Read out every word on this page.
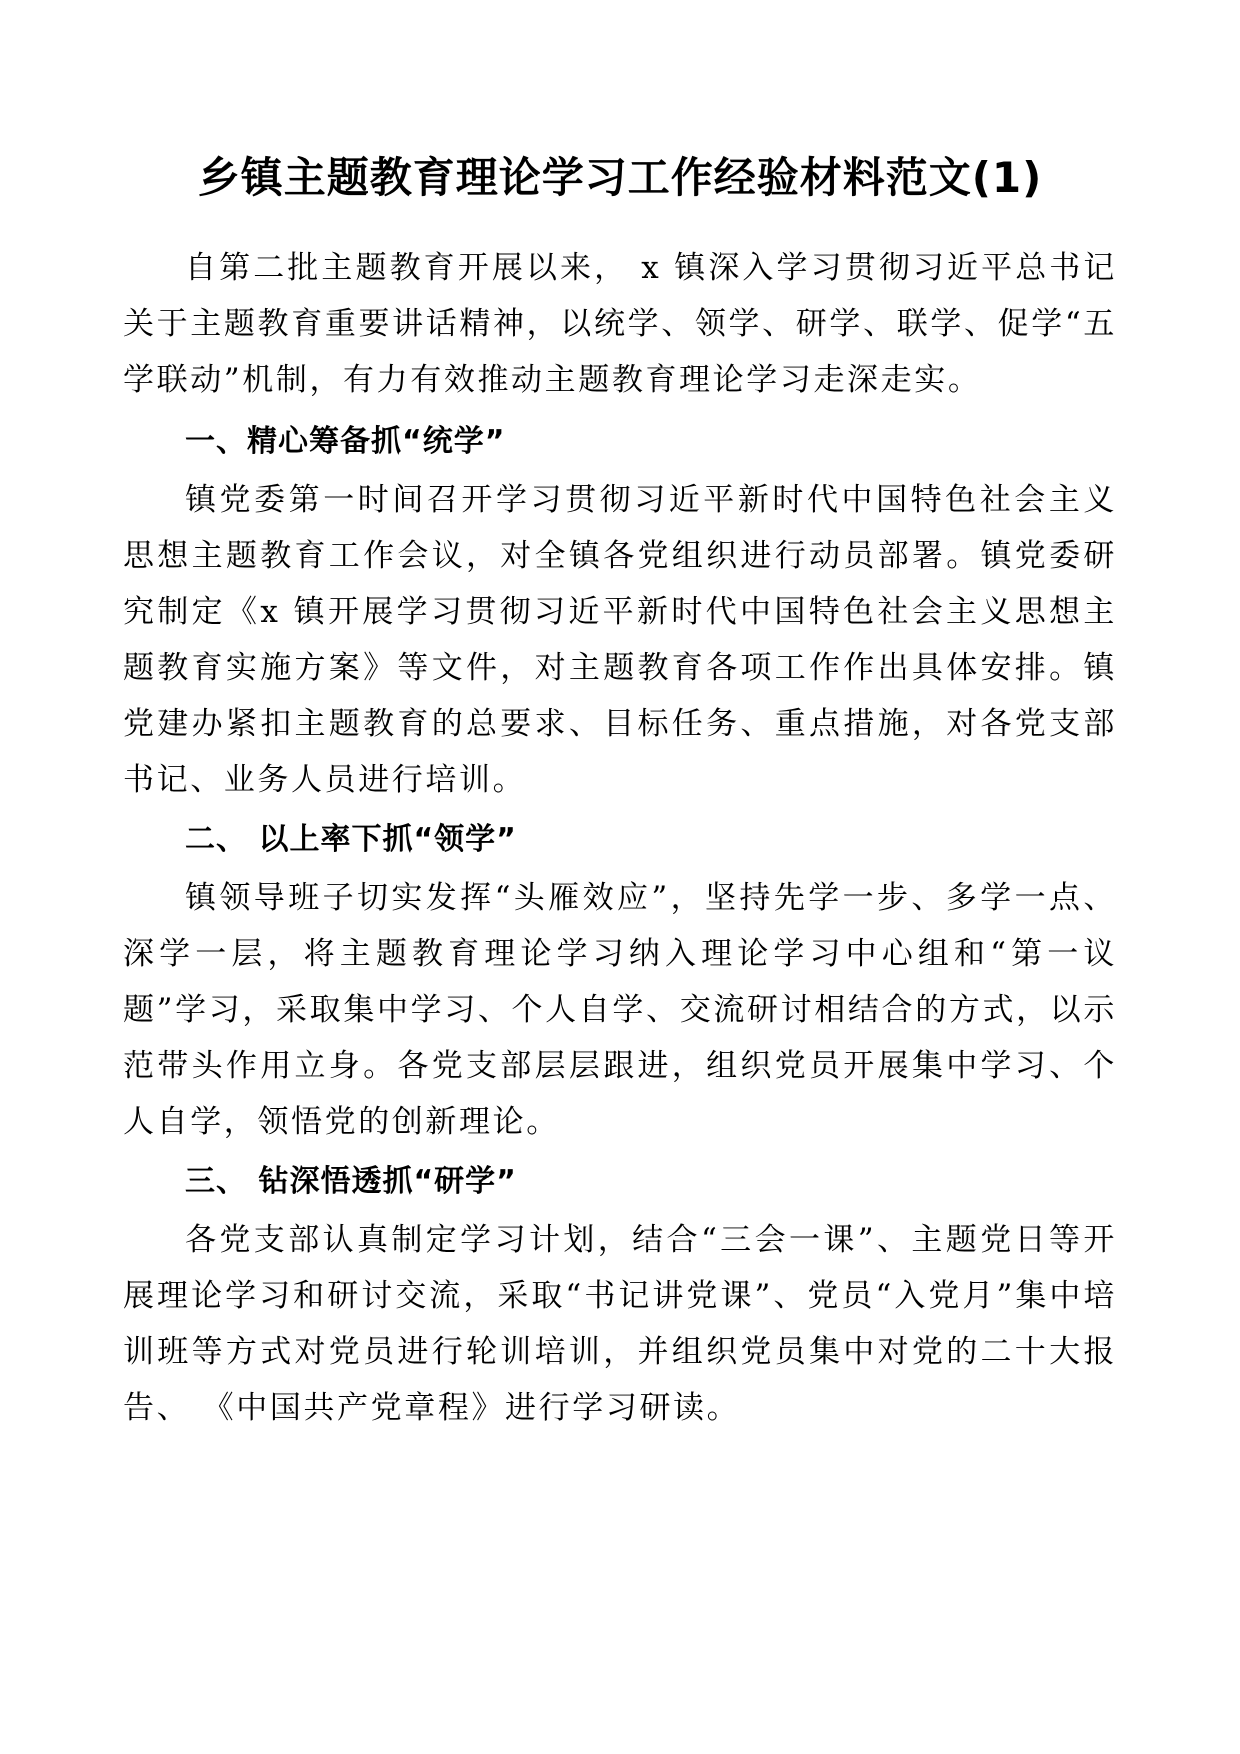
乡镇主题教育理论学习工作经验材料范文(1)

自第二批主题教育开展以来， x 镇深入学习贯彻习近平总书记关于主题教育重要讲话精神，以统学、领学、研学、联学、促学“五学联动”机制，有力有效推动主题教育理论学习走深走实。

一、精心筹备抓“统学”

镇党委第一时间召开学习贯彻习近平新时代中国特色社会主义思想主题教育工作会议，对全镇各党组织进行动员部署。镇党委研究制定《x 镇开展学习贯彻习近平新时代中国特色社会主义思想主题教育实施方案》等文件，对主题教育各项工作作出具体安排。镇党建办紧扣主题教育的总要求、目标任务、重点措施，对各党支部书记、业务人员进行培训。

二、 以上率下抓“领学”

镇领导班子切实发挥“头雁效应”，坚持先学一步、多学一点、深学一层，将主题教育理论学习纳入理论学习中心组和“第一议题”学习，采取集中学习、个人自学、交流研讨相结合的方式，以示范带头作用立身。各党支部层层跟进，组织党员开展集中学习、个人自学，领悟党的创新理论。

三、 钻深悟透抓“研学”

各党支部认真制定学习计划，结合“三会一课”、主题党日等开展理论学习和研讨交流，采取“书记讲党课”、党员“入党月”集中培训班等方式对党员进行轮训培训，并组织党员集中对党的二十大报告、 《中国共产党章程》进行学习研读。
